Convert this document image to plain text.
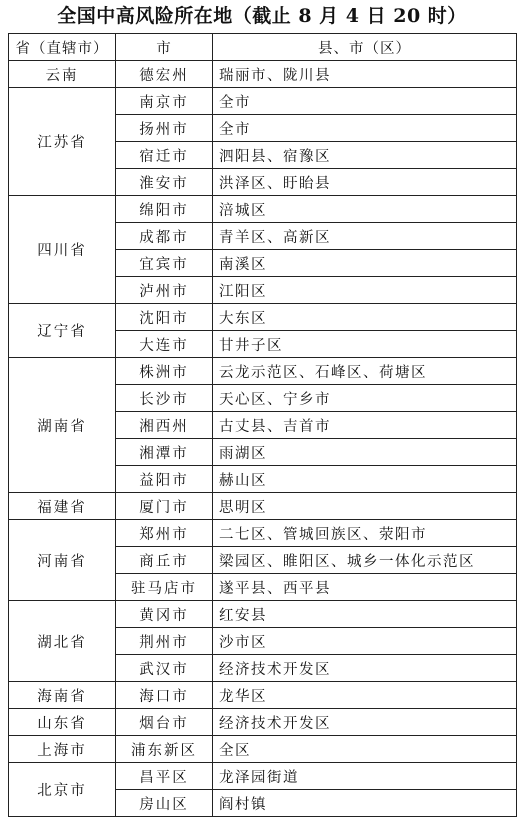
全国中高风险所在地（截止 8 月 4 日 20 时）
省（直辖市）	市	县、市（区）
云南	德宏州	瑞丽市、陇川县
江苏省	南京市	全市
	扬州市	全市
	宿迁市	泗阳县、宿豫区
	淮安市	洪泽区、盱眙县
四川省	绵阳市	涪城区
	成都市	青羊区、高新区
	宜宾市	南溪区
	泸州市	江阳区
辽宁省	沈阳市	大东区
	大连市	甘井子区
湖南省	株洲市	云龙示范区、石峰区、荷塘区
	长沙市	天心区、宁乡市
	湘西州	古丈县、吉首市
	湘潭市	雨湖区
	益阳市	赫山区
福建省	厦门市	思明区
河南省	郑州市	二七区、管城回族区、荥阳市
	商丘市	梁园区、睢阳区、城乡一体化示范区
	驻马店市	遂平县、西平县
湖北省	黄冈市	红安县
	荆州市	沙市区
	武汉市	经济技术开发区
海南省	海口市	龙华区
山东省	烟台市	经济技术开发区
上海市	浦东新区	全区
北京市	昌平区	龙泽园街道
	房山区	阎村镇
